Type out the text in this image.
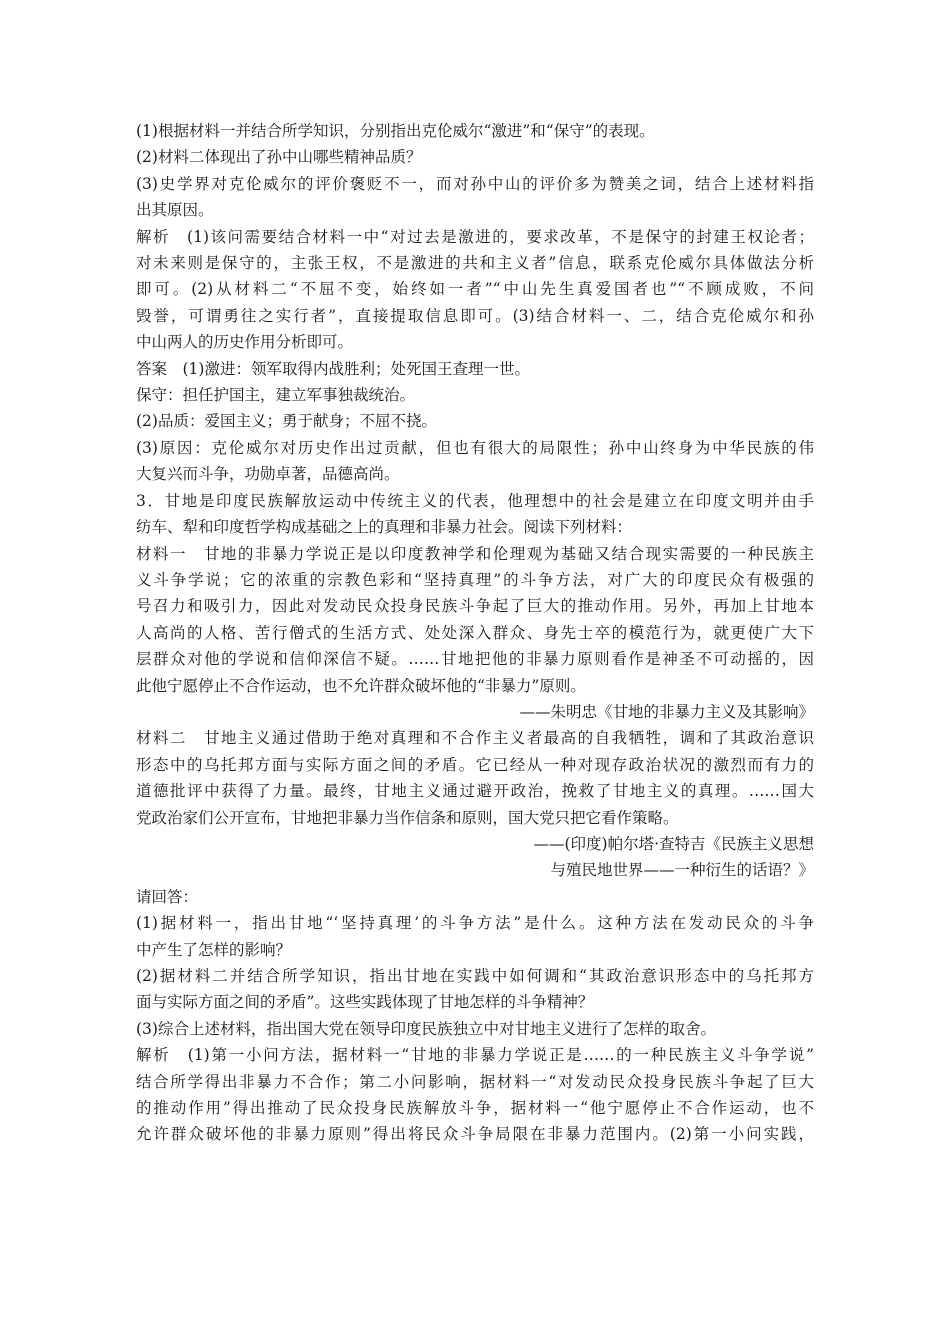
(1)根据材料一并结合所学知识，分别指出克伦威尔“激进”和“保守”的表现。
(2)材料二体现出了孙中山哪些精神品质？
(3)史学界对克伦威尔的评价褒贬不一，而对孙中山的评价多为赞美之词，结合上述材料指
出其原因。
解析　(1)该问需要结合材料一中“对过去是激进的，要求改革，不是保守的封建王权论者；
对未来则是保守的，主张王权，不是激进的共和主义者”信息，联系克伦威尔具体做法分析
即可。(2)从材料二“不屈不变，始终如一者”“中山先生真爱国者也”“不顾成败，不问
毁誉，可谓勇往之实行者”，直接提取信息即可。(3)结合材料一、二，结合克伦威尔和孙
中山两人的历史作用分析即可。
答案　(1)激进：领军取得内战胜利；处死国王查理一世。
保守：担任护国主，建立军事独裁统治。
(2)品质：爱国主义；勇于献身；不屈不挠。
(3)原因：克伦威尔对历史作出过贡献，但也有很大的局限性；孙中山终身为中华民族的伟
大复兴而斗争，功勋卓著，品德高尚。
3．甘地是印度民族解放运动中传统主义的代表，他理想中的社会是建立在印度文明并由手
纺车、犁和印度哲学构成基础之上的真理和非暴力社会。阅读下列材料：
材料一　甘地的非暴力学说正是以印度教神学和伦理观为基础又结合现实需要的一种民族主
义斗争学说；它的浓重的宗教色彩和“坚持真理”的斗争方法，对广大的印度民众有极强的
号召力和吸引力，因此对发动民众投身民族斗争起了巨大的推动作用。另外，再加上甘地本
人高尚的人格、苦行僧式的生活方式、处处深入群众、身先士卒的模范行为，就更使广大下
层群众对他的学说和信仰深信不疑。……甘地把他的非暴力原则看作是神圣不可动摇的，因
此他宁愿停止不合作运动，也不允许群众破坏他的“非暴力”原则。
——朱明忠《甘地的非暴力主义及其影响》
材料二　甘地主义通过借助于绝对真理和不合作主义者最高的自我牺牲，调和了其政治意识
形态中的乌托邦方面与实际方面之间的矛盾。它已经从一种对现存政治状况的激烈而有力的
道德批评中获得了力量。最终，甘地主义通过避开政治，挽救了甘地主义的真理。……国大
党政治家们公开宣布，甘地把非暴力当作信条和原则，国大党只把它看作策略。
——(印度)帕尔塔·查特吉《民族主义思想
与殖民地世界——一种衍生的话语？》
请回答：
(1)据材料一，指出甘地“‘坚持真理’的斗争方法”是什么。这种方法在发动民众的斗争
中产生了怎样的影响？
(2)据材料二并结合所学知识，指出甘地在实践中如何调和“其政治意识形态中的乌托邦方
面与实际方面之间的矛盾”。这些实践体现了甘地怎样的斗争精神？
(3)综合上述材料，指出国大党在领导印度民族独立中对甘地主义进行了怎样的取舍。
解析　(1)第一小问方法，据材料一“甘地的非暴力学说正是……的一种民族主义斗争学说”
结合所学得出非暴力不合作；第二小问影响，据材料一“对发动民众投身民族斗争起了巨大
的推动作用”得出推动了民众投身民族解放斗争，据材料一“他宁愿停止不合作运动，也不
允许群众破坏他的非暴力原则”得出将民众斗争局限在非暴力范围内。(2)第一小问实践，
